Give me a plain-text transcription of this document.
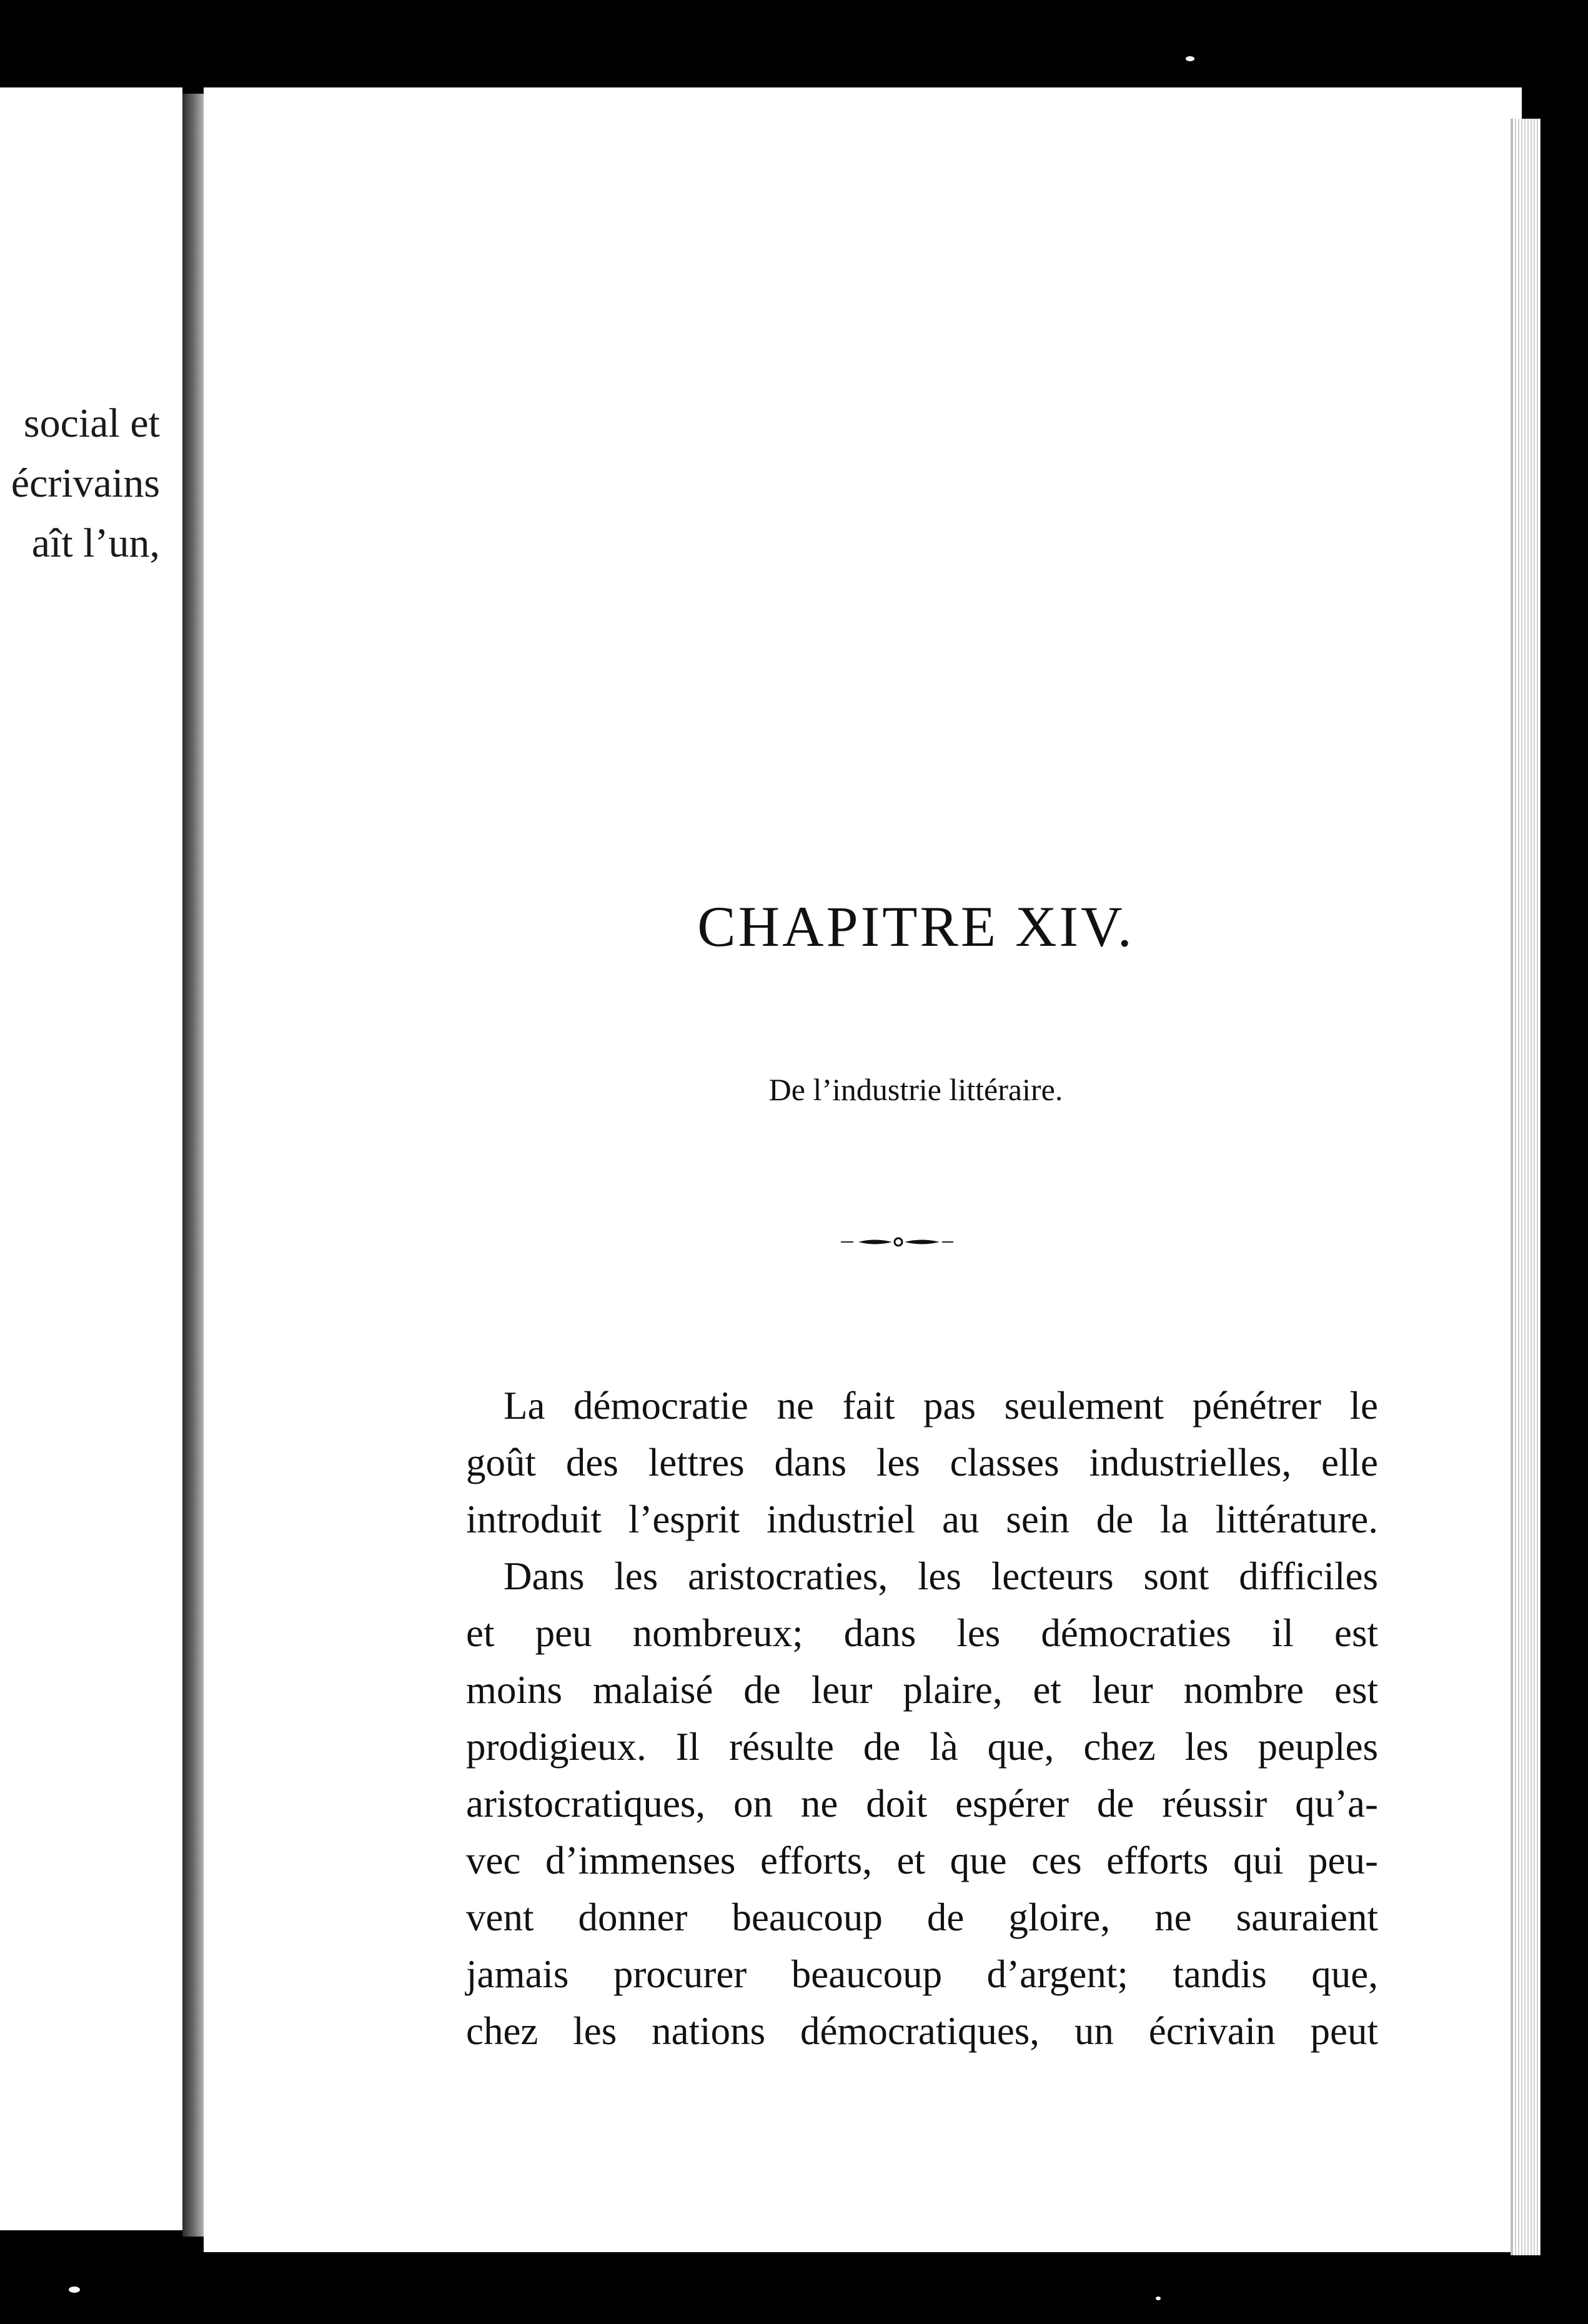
social et
écrivains
aît l’un,
CHAPITRE XIV.
De l’industrie littéraire.
La démocratie ne fait pas seulement pénétrer le
goût des lettres dans les classes industrielles, elle
introduit l’esprit industriel au sein de la littérature.
Dans les aristocraties, les lecteurs sont difficiles
et peu nombreux; dans les démocraties il est
moins malaisé de leur plaire, et leur nombre est
prodigieux. Il résulte de là que, chez les peuples
aristocratiques, on ne doit espérer de réussir qu’a-
vec d’immenses efforts, et que ces efforts qui peu-
vent donner beaucoup de gloire, ne sauraient
jamais procurer beaucoup d’argent; tandis que,
chez les nations démocratiques, un écrivain peut
